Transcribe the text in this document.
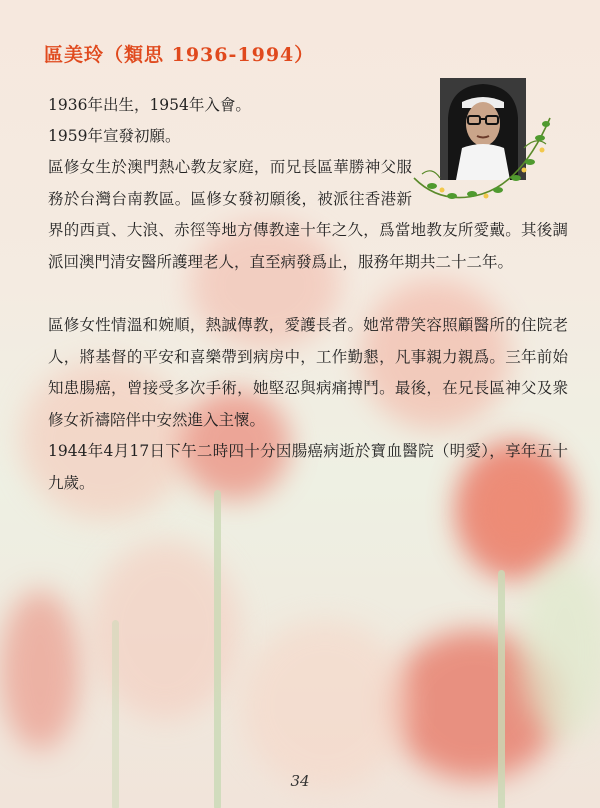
區美玲（類思 1936-1994）
1936年出生，1954年入會。
1959年宣發初願。
區修女生於澳門熱心教友家庭，而兄長區華勝神父服務於台灣台南教區。區修女發初願後，被派往香港新界的西貢、大浪、赤徑等地方傳教達十年之久，爲當地教友所愛戴。其後調派回澳門清安醫所護理老人，直至病發爲止，服務年期共二十二年。
區修女性情溫和婉順，熱誠傳教，愛護長者。她常帶笑容照顧醫所的住院老人，將基督的平安和喜樂帶到病房中，工作勤懇，凡事親力親爲。三年前始知患腸癌，曾接受多次手術，她堅忍與病痛搏鬥。最後，在兄長區神父及衆修女祈禱陪伴中安然進入主懷。
1944年4月17日下午二時四十分因腸癌病逝於寶血醫院（明愛），享年五十九歲。
34
